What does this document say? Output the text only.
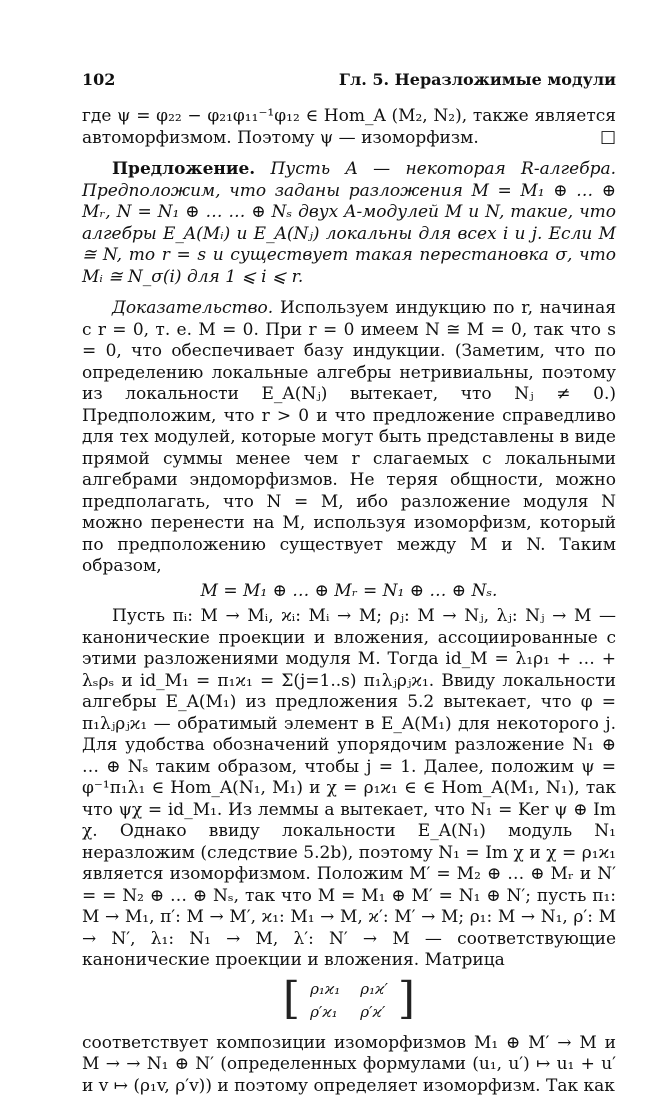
102	Гл. 5. Неразложимые модули

где ψ = φ₂₂ − φ₂₁φ₁₁⁻¹φ₁₂ ∈ Hom_A (M₂, N₂), также является автоморфизмом. Поэтому ψ — изоморфизм.	□

Предложение. Пусть A — некоторая R-алгебра. Предположим, что заданы разложения M = M₁ ⊕ … ⊕ Mᵣ, N = N₁ ⊕ … … ⊕ Nₛ двух A-модулей M и N, такие, что алгебры E_A(Mᵢ) и E_A(Nⱼ) локальны для всех i и j. Если M ≅ N, то r = s и существует такая перестановка σ, что Mᵢ ≅ N_σ(i) для 1 ⩽ i ⩽ r.

Доказательство. Используем индукцию по r, начиная с r = 0, т. е. M = 0. При r = 0 имеем N ≅ M = 0, так что s = 0, что обеспечивает базу индукции. (Заметим, что по определению локальные алгебры нетривиальны, поэтому из локальности E_A(Nⱼ) вытекает, что Nⱼ ≠ 0.) Предположим, что r > 0 и что предложение справедливо для тех модулей, которые могут быть представлены в виде прямой суммы менее чем r слагаемых с локальными алгебрами эндоморфизмов. Не теряя общности, можно предполагать, что N = M, ибо разложение модуля N можно перенести на M, используя изоморфизм, который по предположению существует между M и N. Таким образом,

M = M₁ ⊕ … ⊕ Mᵣ = N₁ ⊕ … ⊕ Nₛ.

Пусть πᵢ: M → Mᵢ, ϰᵢ: Mᵢ → M; ρⱼ: M → Nⱼ, λⱼ: Nⱼ → M — канонические проекции и вложения, ассоциированные с этими разложениями модуля M. Тогда id_M = λ₁ρ₁ + … + λₛρₛ и id_M₁ = π₁ϰ₁ = Σ(j=1..s) π₁λⱼρⱼϰ₁. Ввиду локальности алгебры E_A(M₁) из предложения 5.2 вытекает, что φ = π₁λⱼρⱼϰ₁ — обратимый элемент в E_A(M₁) для некоторого j. Для удобства обозначений упорядочим разложение N₁ ⊕ … ⊕ Nₛ таким образом, чтобы j = 1. Далее, положим ψ = φ⁻¹π₁λ₁ ∈ Hom_A(N₁, M₁) и χ = ρ₁ϰ₁ ∈ ∈ Hom_A(M₁, N₁), так что ψχ = id_M₁. Из леммы a вытекает, что N₁ = Ker ψ ⊕ Im χ. Однако ввиду локальности E_A(N₁) модуль N₁ неразложим (следствие 5.2b), поэтому N₁ = Im χ и χ = ρ₁ϰ₁ является изоморфизмом. Положим M′ = M₂ ⊕ … ⊕ Mᵣ и N′ = = N₂ ⊕ … ⊕ Nₛ, так что M = M₁ ⊕ M′ = N₁ ⊕ N′; пусть π₁: M → M₁, π′: M → M′, ϰ₁: M₁ → M, ϰ′: M′ → M; ρ₁: M → N₁, ρ′: M → N′, λ₁: N₁ → M, λ′: N′ → M — соответствующие канонические проекции и вложения. Матрица

[ ρ₁ϰ₁	ρ₁ϰ′
ρ′ϰ₁	ρ′ϰ′ ]

соответствует композиции изоморфизмов M₁ ⊕ M′ → M и M → → N₁ ⊕ N′ (определенных формулами (u₁, u′) ↦ u₁ + u′ и v ↦ (ρ₁v, ρ′v)) и поэтому определяет изоморфизм. Так как
